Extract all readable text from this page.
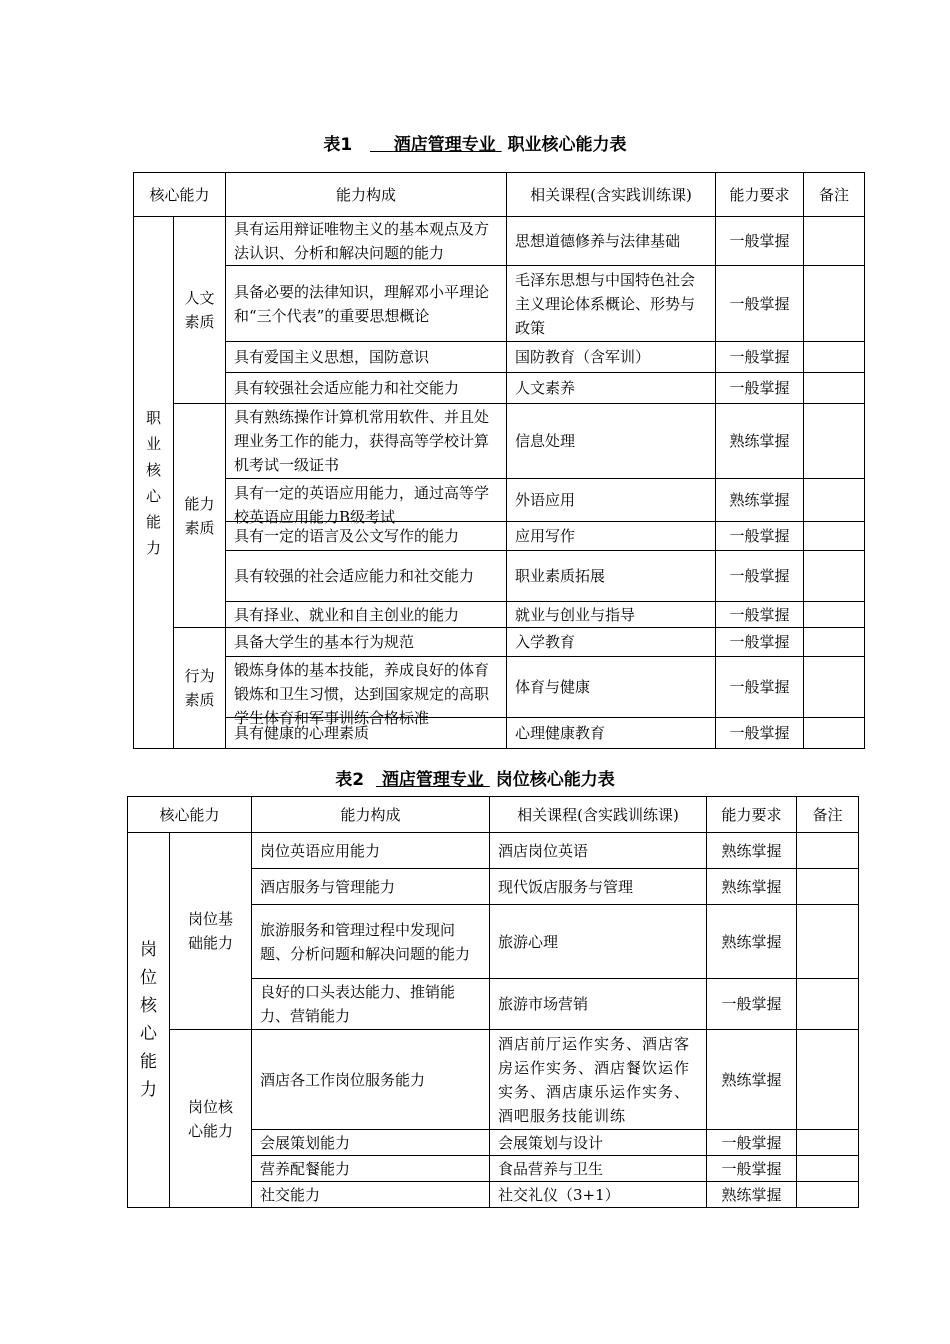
表1 酒店管理专业 职业核心能力表
核心能力		能力构成	相关课程(含实践训练课)	能力要求	备注

职业核心能力	人文素质	具有运用辩证唯物主义的基本观点及方法认识、分析和解决问题的能力	思想道德修养与法律基础	一般掌握	
		具备必要的法律知识，理解邓小平理论和“三个代表”的重要思想概论	毛泽东思想与中国特色社会主义理论体系概论、形势与政策	一般掌握	
		具有爱国主义思想，国防意识	国防教育（含军训）	一般掌握	
		具有较强社会适应能力和社交能力	人文素养	一般掌握	
	能力素质	具有熟练操作计算机常用软件、并且处理业务工作的能力，获得高等学校计算机考试一级证书	信息处理	熟练掌握	

		具有一定的英语应用能力，通过高等学校英语应用能力B级考试	外语应用	熟练掌握	
		具有一定的语言及公文写作的能力	应用写作	一般掌握	
		具有较强的社会适应能力和社交能力	职业素质拓展	一般掌握	
		具有择业、就业和自主创业的能力	就业与创业与指导	一般掌握	
	行为素质	具备大学生的基本行为规范	入学教育	一般掌握	

		锻炼身体的基本技能，养成良好的体育锻炼和卫生习惯，达到国家规定的高职学生体育和军事训练合格标准	体育与健康	一般掌握	
		具有健康的心理素质	心理健康教育	一般掌握	
表2 酒店管理专业 岗位核心能力表
核心能力		能力构成	相关课程(含实践训练课)	能力要求	备注

岗位核心能力	岗位基础能力	岗位英语应用能力	酒店岗位英语	熟练掌握	
		酒店服务与管理能力	现代饭店服务与管理	熟练掌握	
		旅游服务和管理过程中发现问题、分析问题和解决问题的能力	旅游心理	熟练掌握	
		良好的口头表达能力、推销能力、营销能力	旅游市场营销	一般掌握	

	岗位核心能力	酒店各工作岗位服务能力	酒店前厅运作实务、酒店客房运作实务、酒店餐饮运作实务、酒店康乐运作实务、酒吧服务技能训练	熟练掌握	
		会展策划能力	会展策划与设计	一般掌握	
		营养配餐能力	食品营养与卫生	一般掌握	
		社交能力	社交礼仪（3+1）	熟练掌握	
